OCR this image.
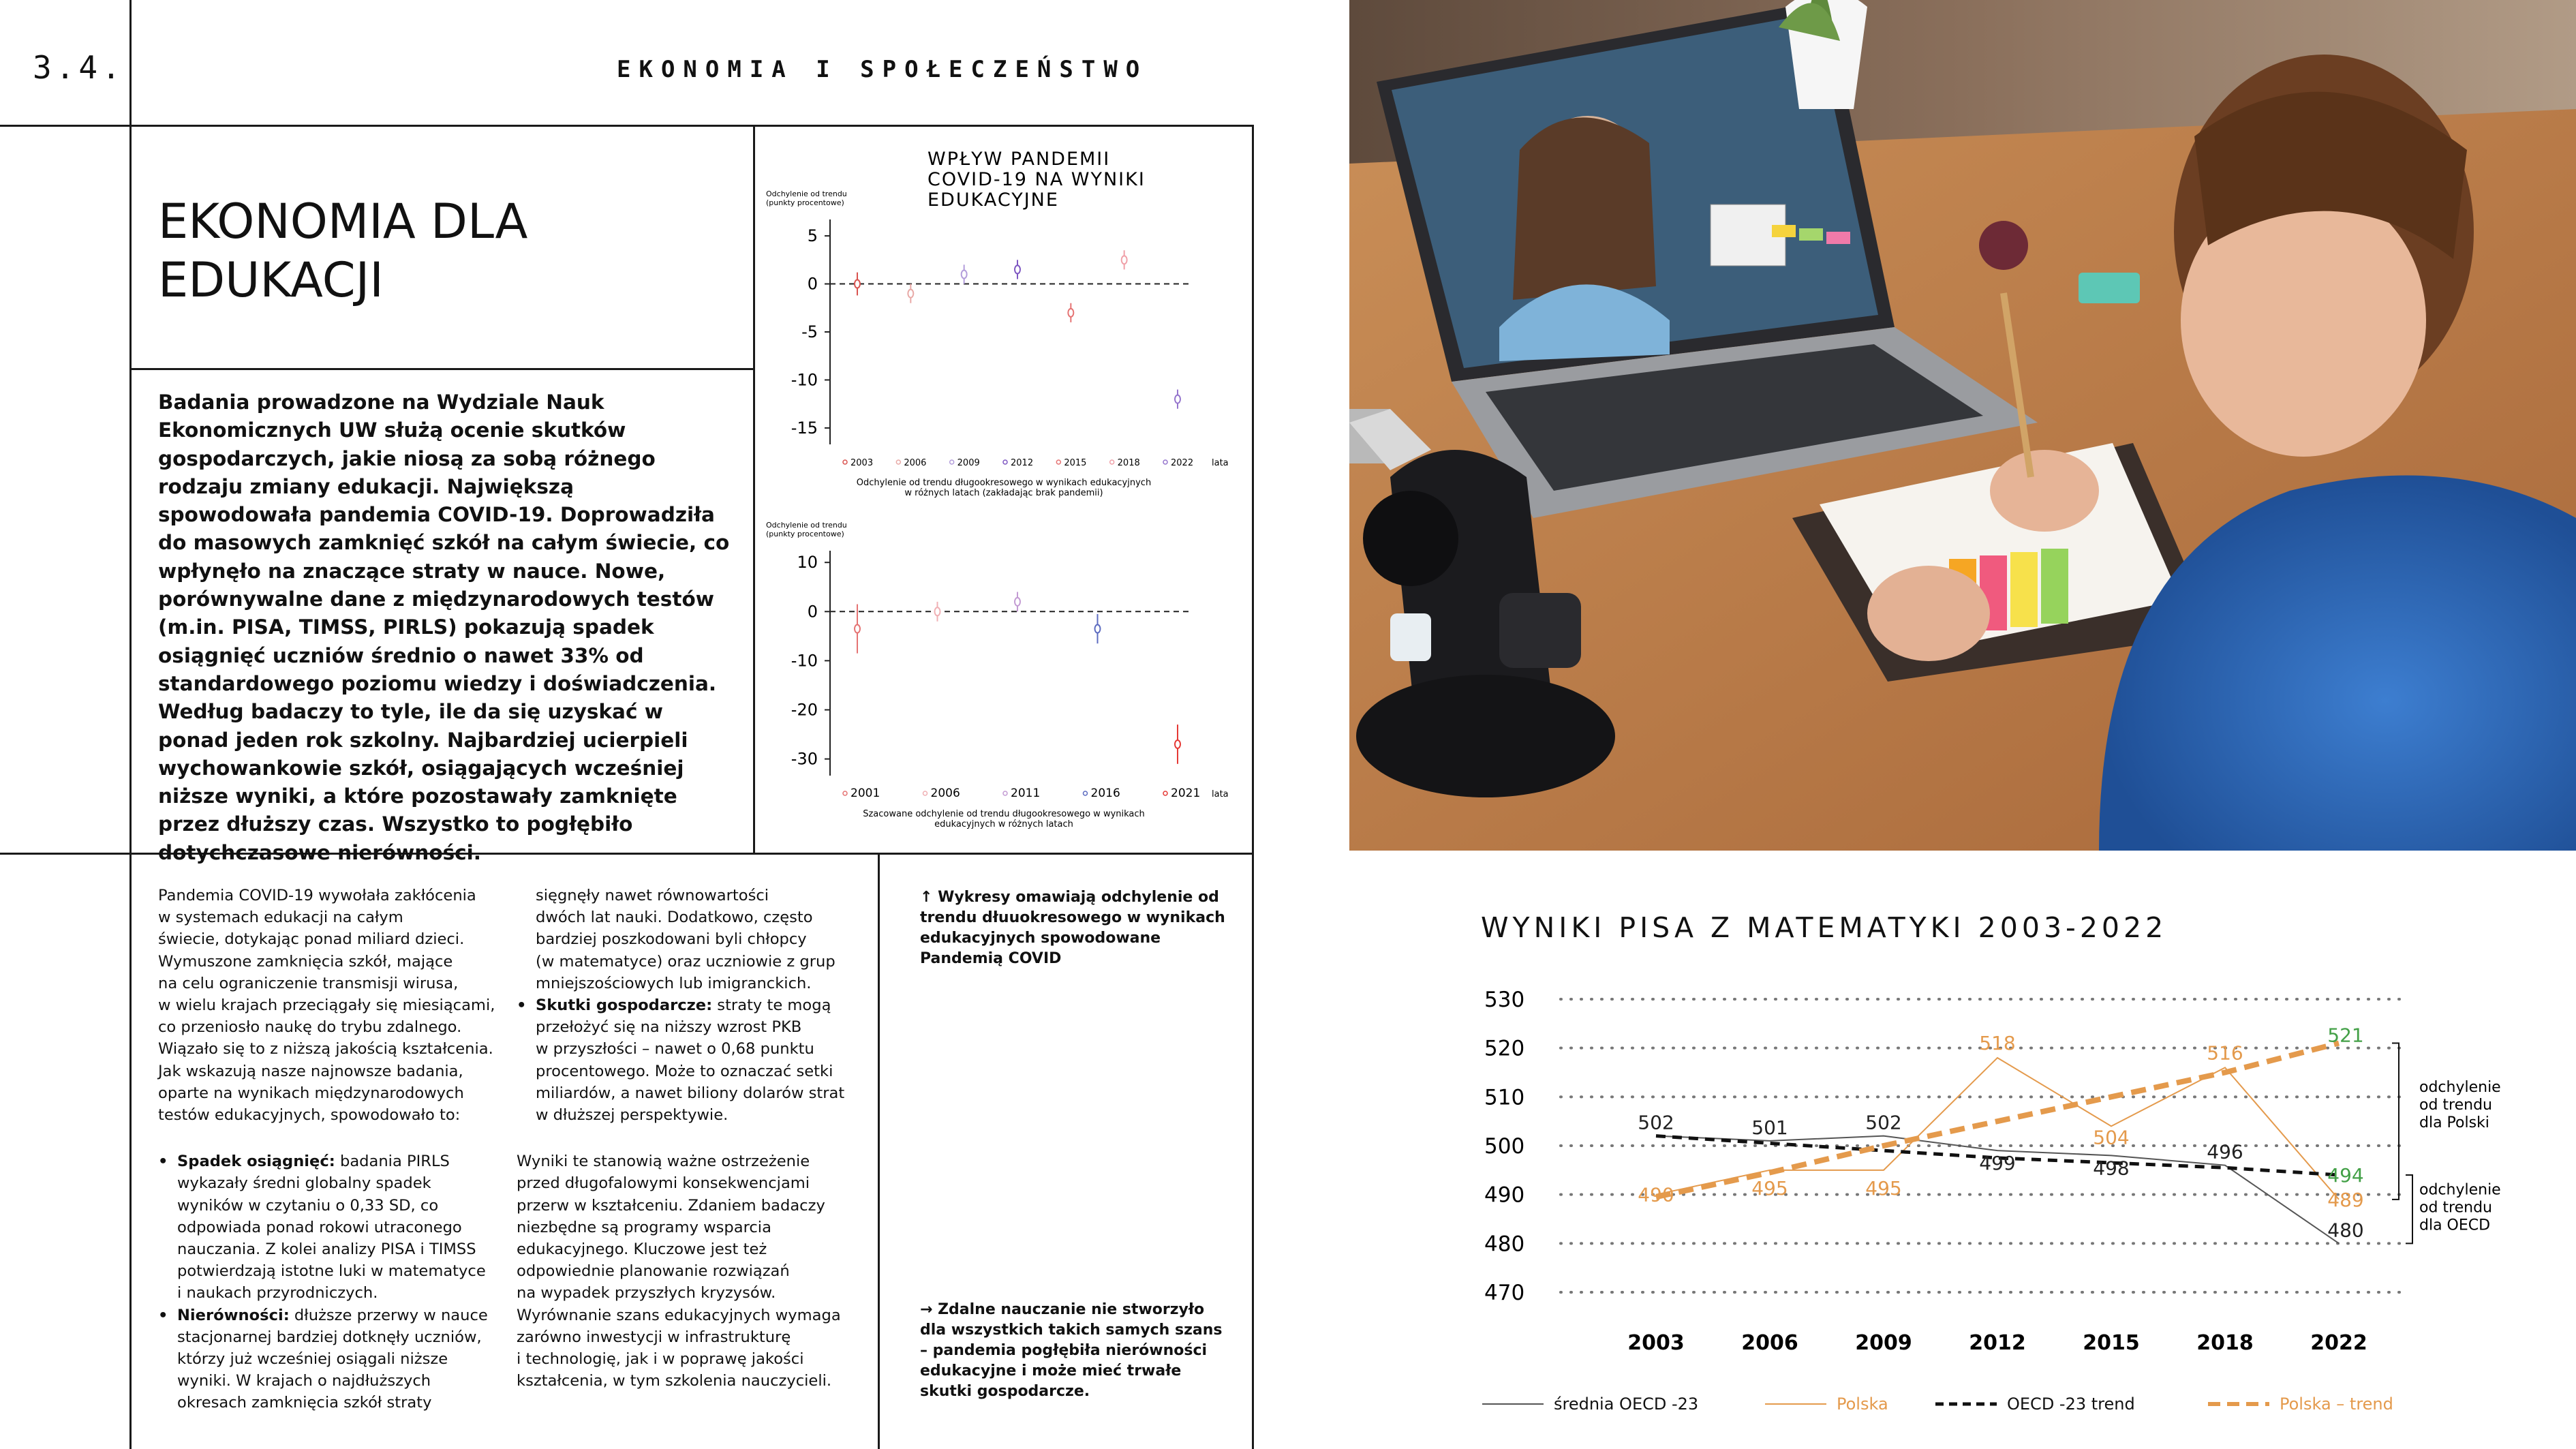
3.4.	EKONOMIA I SPOŁECZEŃSTWO
EKONOMIA DLA
EDUKACJI
Badania prowadzone na Wydziale Nauk Ekonomicznych UW służą ocenie skutków gospodarczych, jakie niosą za sobą różnego rodzaju zmiany edukacji. Największą spowodowała pandemia COVID-19. Doprowadziła do masowych zamknięć szkół na całym świecie, co wpłynęło na znaczące straty w nauce. Nowe, porównywalne dane z międzynarodowych testów (m.in. PISA, TIMSS, PIRLS) pokazują spadek osiągnięć uczniów średnio o nawet 33% od standardowego poziomu wiedzy i doświadczenia. Według badaczy to tyle, ile da się uzyskać w ponad jeden rok szkolny. Najbardziej ucierpieli wychowankowie szkół, osiągających wcześniej niższe wyniki, a które pozostawały zamknięte przez dłuższy czas. Wszystko to pogłębiło dotychczasowe nierówności.

Pandemia COVID-19 wywołała zakłócenia
w systemach edukacji na całym
świecie, dotykając ponad miliard dzieci.
Wymuszone zamknięcia szkół, mające
na celu ograniczenie transmisji wirusa,
w wielu krajach przeciągały się miesiącami,
co przeniosło naukę do trybu zdalnego.
Wiązało się to z niższą jakością kształcenia.
Jak wskazują nasze najnowsze badania,
oparte na wynikach międzynarodowych
testów edukacyjnych, spowodowało to:

• Spadek osiągnięć: badania PIRLS
wykazały średni globalny spadek
wyników w czytaniu o 0,33 SD, co
odpowiada ponad rokowi utraconego
nauczania. Z kolei analizy PISA i TIMSS
potwierdzają istotne luki w matematyce
i naukach przyrodniczych.
• Nierówności: dłuższe przerwy w nauce
stacjonarnej bardziej dotknęły uczniów,
którzy już wcześniej osiągali niższe
wyniki. W krajach o najdłuższych
okresach zamknięcia szkół straty

sięgnęły nawet równowartości
dwóch lat nauki. Dodatkowo, często
bardziej poszkodowani byli chłopcy
(w matematyce) oraz uczniowie z grup
mniejszościowych lub imigranckich.

• Skutki gospodarcze: straty te mogą
przełożyć się na niższy wzrost PKB
w przyszłości – nawet o 0,68 punktu
procentowego. Może to oznaczać setki
miliardów, a nawet biliony dolarów strat
w dłuższej perspektywie.

Wyniki te stanowią ważne ostrzeżenie
przed długofalowymi konsekwencjami
przerw w kształceniu. Zdaniem badaczy
niezbędne są programy wsparcia
edukacyjnego. Kluczowe jest też
odpowiednie planowanie rozwiązań
na wypadek przyszłych kryzysów.
Wyrównanie szans edukacyjnych wymaga
zarówno inwestycji w infrastrukturę
i technologię, jak i w poprawę jakości
kształcenia, w tym szkolenia nauczycieli.

↑ Wykresy omawiają odchylenie od
trendu dłuuokresowego w wynikach
edukacyjnych spowodowane
Pandemią COVID
→ Zdalne nauczanie nie stworzyło
dla wszystkich takich samych szans
– pandemia pogłębiła nierówności
edukacyjne i może mieć trwałe
skutki gospodarcze.
WPŁYW PANDEMII
COVID-19 NA WYNIKI
EDUKACYJNE
Odchylenie od trendu
(punkty procentowe)
5
0
-5
-10
-15
2003	2006	2009	2012	2015	2018	2022 lata
Odchylenie od trendu długookresowego w wynikach edukacyjnych
w różnych latach (zakładając brak pandemii)
Odchylenie od trendu
(punkty procentowe)
10
0
-10
-20
-30
2001	2006	2011	2016	2021 lata
Szacowane odchylenie od trendu długookresowego w wynikach
edukacyjnych w różnych latach
WYNIKI PISA Z MATEMATYKI 2003-2022
530
520
510
500
490
480
470
2003	2006	2009	2012	2015	2018	2022
502	501	502
499	498
496
480
490	495	495
518
504
516
489
494
521
odchylenie
od trendu
dla Polski
odchylenie
od trendu
dla OECD
średnia OECD -23	Polska	OECD -23 trend	Polska – trend
